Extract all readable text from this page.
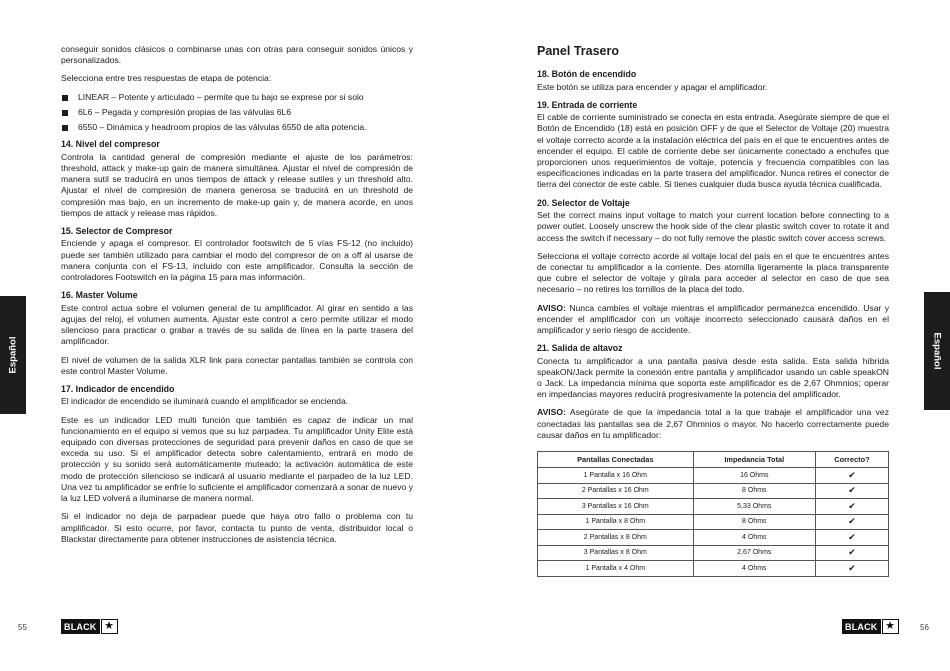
conseguir sonidos clásicos o combinarse unas con otras para conseguir sonidos únicos y personalizados.

Selecciona entre tres respuestas de etapa de potencia:

LINEAR – Potente y articulado – permite que tu bajo se exprese por si solo
6L6 – Pegada y compresión propias de las válvulas 6L6
6550 – Dinámica y headroom propios de las válvulas 6550 de alta potencia.
14. Nivel del compresor

Controla la cantidad general de compresión mediante el ajuste de los parámetros: threshold, attack y make-up gain de manera simultánea. Ajustar el nivel de compresión de manera sutil se traducirá en unos tiempos de attack y release sutiles y un threshold alto. Ajustar el nivel de compresión de manera generosa se traducirá en un threshold de compresión mas bajo, en un incremento de make-up gain y, de manera acorde, en unos tiempos de attack y release mas rápidos.

15. Selector de Compresor

Enciende y apaga el compresor. El controlador footswitch de 5 vías FS-12 (no incluido) puede ser también utilizado para cambiar el modo del compresor de on a off al usarse de manera conjunta con el FS-13, incluido con este amplificador. Consulta la sección de controladores Footswitch en la página 15 para mas información.

16. Master Volume

Este control actua sobre el volumen general de tu amplificador. Al girar en sentido a las agujas del reloj, el volumen aumenta. Ajustar este control a cero permite utilizar el modo silencioso para practicar o grabar a través de su salida de línea en la parte trasera del amplificador.

El nivel de volumen de la salida XLR link para conectar pantallas también se controla con este control Master Volume.

17. Indicador de encendido

El indicador de encendido se iluminará cuando el amplificador se encienda.

Este es un indicador LED multi función que también es capaz de indicar un mal funcionamiento en el equipo si vemos que su luz parpadea. Tu amplificador Unity Elite está equipado con diversas protecciones de seguridad para prevenir daños en caso de que se exceda su uso. Si el amplificador detecta sobre calentamiento, entrará en modo de protección y su sonido será automáticamente muteado; la activación automática de este modo de protección silencioso se indicará al usuario mediante el parpadeo de la luz LED. Una vez tu amplificador se enfríe lo suficiente el amplificador comenzará a sonar de nuevo y la luz LED volverá a iluminarse de manera normal.

Si el indicador no deja de parpadear puede que haya otro fallo o problema con tu amplificador. Si esto ocurre, por favor, contacta tu punto de venta, distribuidor local o Blackstar directamente para obtener instrucciones de asistencia técnica.

Panel Trasero
18. Botón de encendido

Este botón se utiliza para encender y apagar el amplificador.

19. Entrada de corriente

El cable de corriente suministrado se conecta en esta entrada. Asegúrate siempre de que el Botón de Encendido (18) está en posición OFF y de que el Selector de Voltaje (20) muestra el voltaje correcto acorde a la instalación eléctrica del país en el que te encuentres antes de encender el equipo. El cable de corriente debe ser únicamente conectado a enchufes que proporcionen unos requerimientos de voltaje, potencia y frecuencia compatibles con las especificaciones indicadas en la parte trasera del amplificador. Nunca retires el conector de tierra del conector de este cable. Si tienes cualquier duda busca ayuda técnica cualificada.

20. Selector de Voltaje

Set the correct mains input voltage to match your current location before connecting to a power outlet. Loosely unscrew the hook side of the clear plastic switch cover to rotate it and access the switch if necessary – do not fully remove the plastic switch cover access screws.

Selecciona el voltaje correcto acorde al voltaje local del país en el que te encuentres antes de conectar tu amplificador a la corriente. Des atornilla ligeramente la placa transparente que cubre el selector de voltaje y gírala para acceder al selector en caso de que sea necesario – no retires los tornillos de la placa del todo.

AVISO: Nunca cambies el voltaje mientras el amplificador permanezca encendido. Usar y encender el amplificador con un voltaje incorrecto seleccionado causará daños en el amplificador y serio riesgo de accidente.

21. Salida de altavoz

Conecta tu amplificador a una pantalla pasiva desde esta salida. Esta salida híbrida speakON/Jack permite la conexión entre pantalla y amplificador usando un cable speakON o Jack. La impedancia mínima que soporta este amplificador es de 2,67 Ohmnios; operar en impedancias mayores reducirá progresivamente la potencia del amplificador.

AVISO: Asegúrate de que la impedancia total a la que trabaje el amplificador una vez conectadas las pantallas sea de 2,67 Ohmnios o mayor. No hacerlo correctamente puede causar daños en tu amplificador:

Pantallas Conectadas	Impedancia Total	Correcto?
1 Pantalla x 16 Ohm	16 Ohms	✔
2 Pantallas x 16 Ohm	8 Ohms	✔
3 Pantallas x 16 Ohm	5,33 Ohms	✔
1 Pantalla x 8 Ohm	8 Ohms	✔
2 Pantallas x 8 Ohm	4 Ohms	✔
3 Pantallas x 8 Ohm	2,67 Ohms	✔
1 Pantalla x 4 Ohm	4 Ohms	✔
Español	Español
55	BLACK ★	BLACK ★	56
